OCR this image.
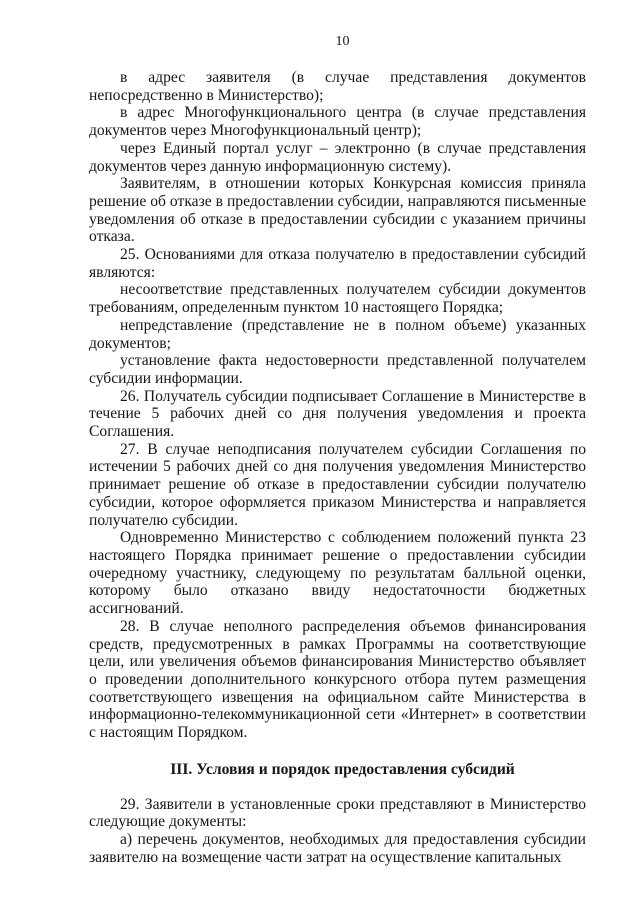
10

в адрес заявителя (в случае представления документов непосредственно в Министерство);

в адрес Многофункционального центра (в случае представления документов через Многофункциональный центр);

через Единый портал услуг – электронно (в случае представления документов через данную информационную систему).

Заявителям, в отношении которых Конкурсная комиссия приняла решение об отказе в предоставлении субсидии, направляются письменные уведомления об отказе в предоставлении субсидии с указанием причины отказа.

25. Основаниями для отказа получателю в предоставлении субсидий являются:

несоответствие представленных получателем субсидии документов требованиям, определенным пунктом 10 настоящего Порядка;

непредставление (представление не в полном объеме) указанных документов;

установление факта недостоверности представленной получателем субсидии информации.

26. Получатель субсидии подписывает Соглашение в Министерстве в течение 5 рабочих дней со дня получения уведомления и проекта Соглашения.

27. В случае неподписания получателем субсидии Соглашения по истечении 5 рабочих дней со дня получения уведомления Министерство принимает решение об отказе в предоставлении субсидии получателю субсидии, которое оформляется приказом Министерства и направляется получателю субсидии.

Одновременно Министерство с соблюдением положений пункта 23 настоящего Порядка принимает решение о предоставлении субсидии очередному участнику, следующему по результатам балльной оценки, которому было отказано ввиду недостаточности бюджетных ассигнований.

28. В случае неполного распределения объемов финансирования средств, предусмотренных в рамках Программы на соответствующие цели, или увеличения объемов финансирования Министерство объявляет о проведении дополнительного конкурсного отбора путем размещения соответствующего извещения на официальном сайте Министерства в информационно-телекоммуникационной сети «Интернет» в соответствии с настоящим Порядком.

III. Условия и порядок предоставления субсидий

29. Заявители в установленные сроки представляют в Министерство следующие документы:

а) перечень документов, необходимых для предоставления субсидии заявителю на возмещение части затрат на осуществление капитальных
